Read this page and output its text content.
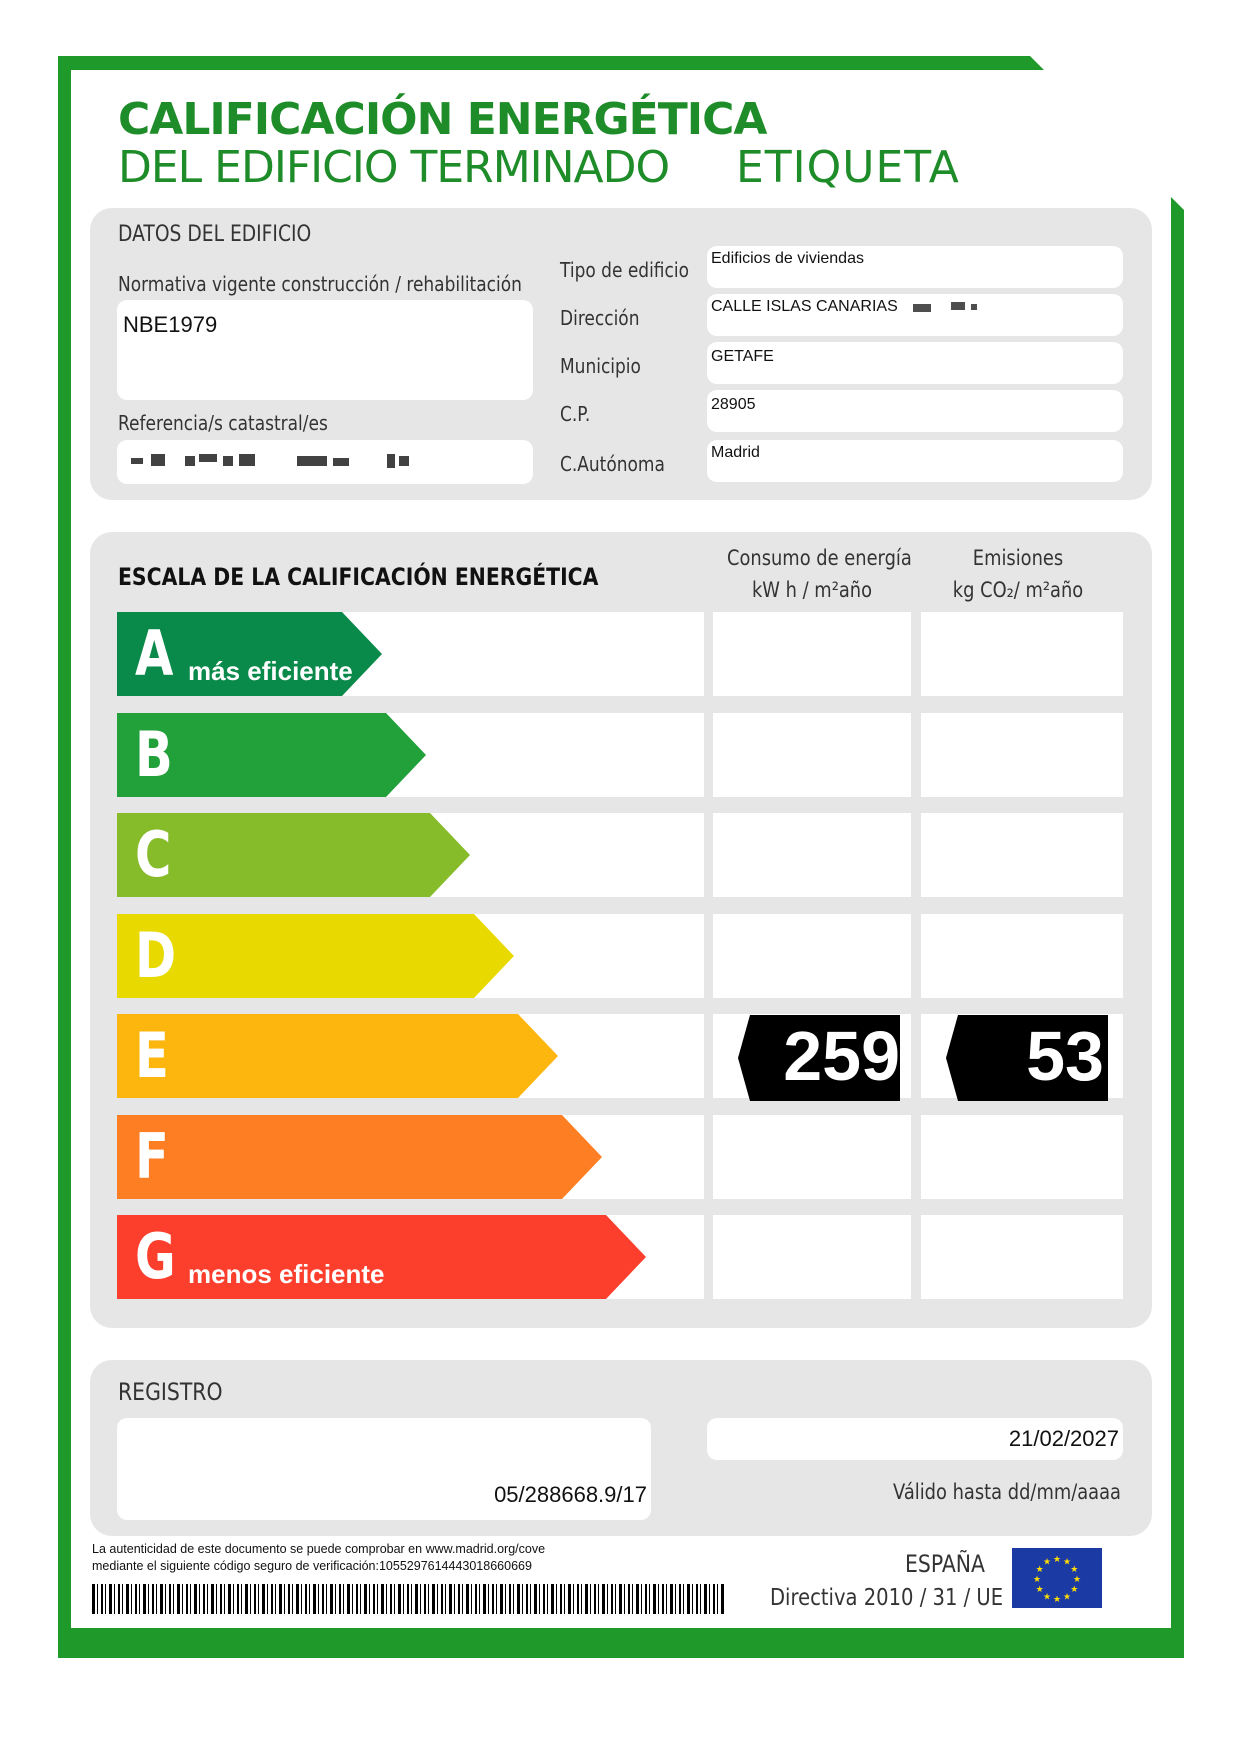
CALIFICACIÓN ENERGÉTICA
DEL EDIFICIO TERMINADO ETIQUETA
DATOS DEL EDIFICIO
Normativa vigente construcción / rehabilitación
NBE1979
Referencia/s catastral/es
Tipo de edificio
Dirección
Municipio
C.P.
C.Autónoma
Edificios de viviendas
CALLE ISLAS CANARIAS
GETAFE
28905
Madrid
ESCALA DE LA CALIFICACIÓN ENERGÉTICA
Consumo de energía
kW h / m²año
Emisiones
kg CO₂/ m²año
A más eficiente
B
C
D
E
F
G menos eficiente
259	53
REGISTRO
05/288668.9/17
21/02/2027
Válido hasta dd/mm/aaaa
La autenticidad de este documento se puede comprobar en www.madrid.org/cove
mediante el siguiente código seguro de verificación:1055297614443018660669	ESPAÑA
Directiva 2010 / 31 / UE
★
★
★
★
★
★
★
★
★ ★ ★
★
